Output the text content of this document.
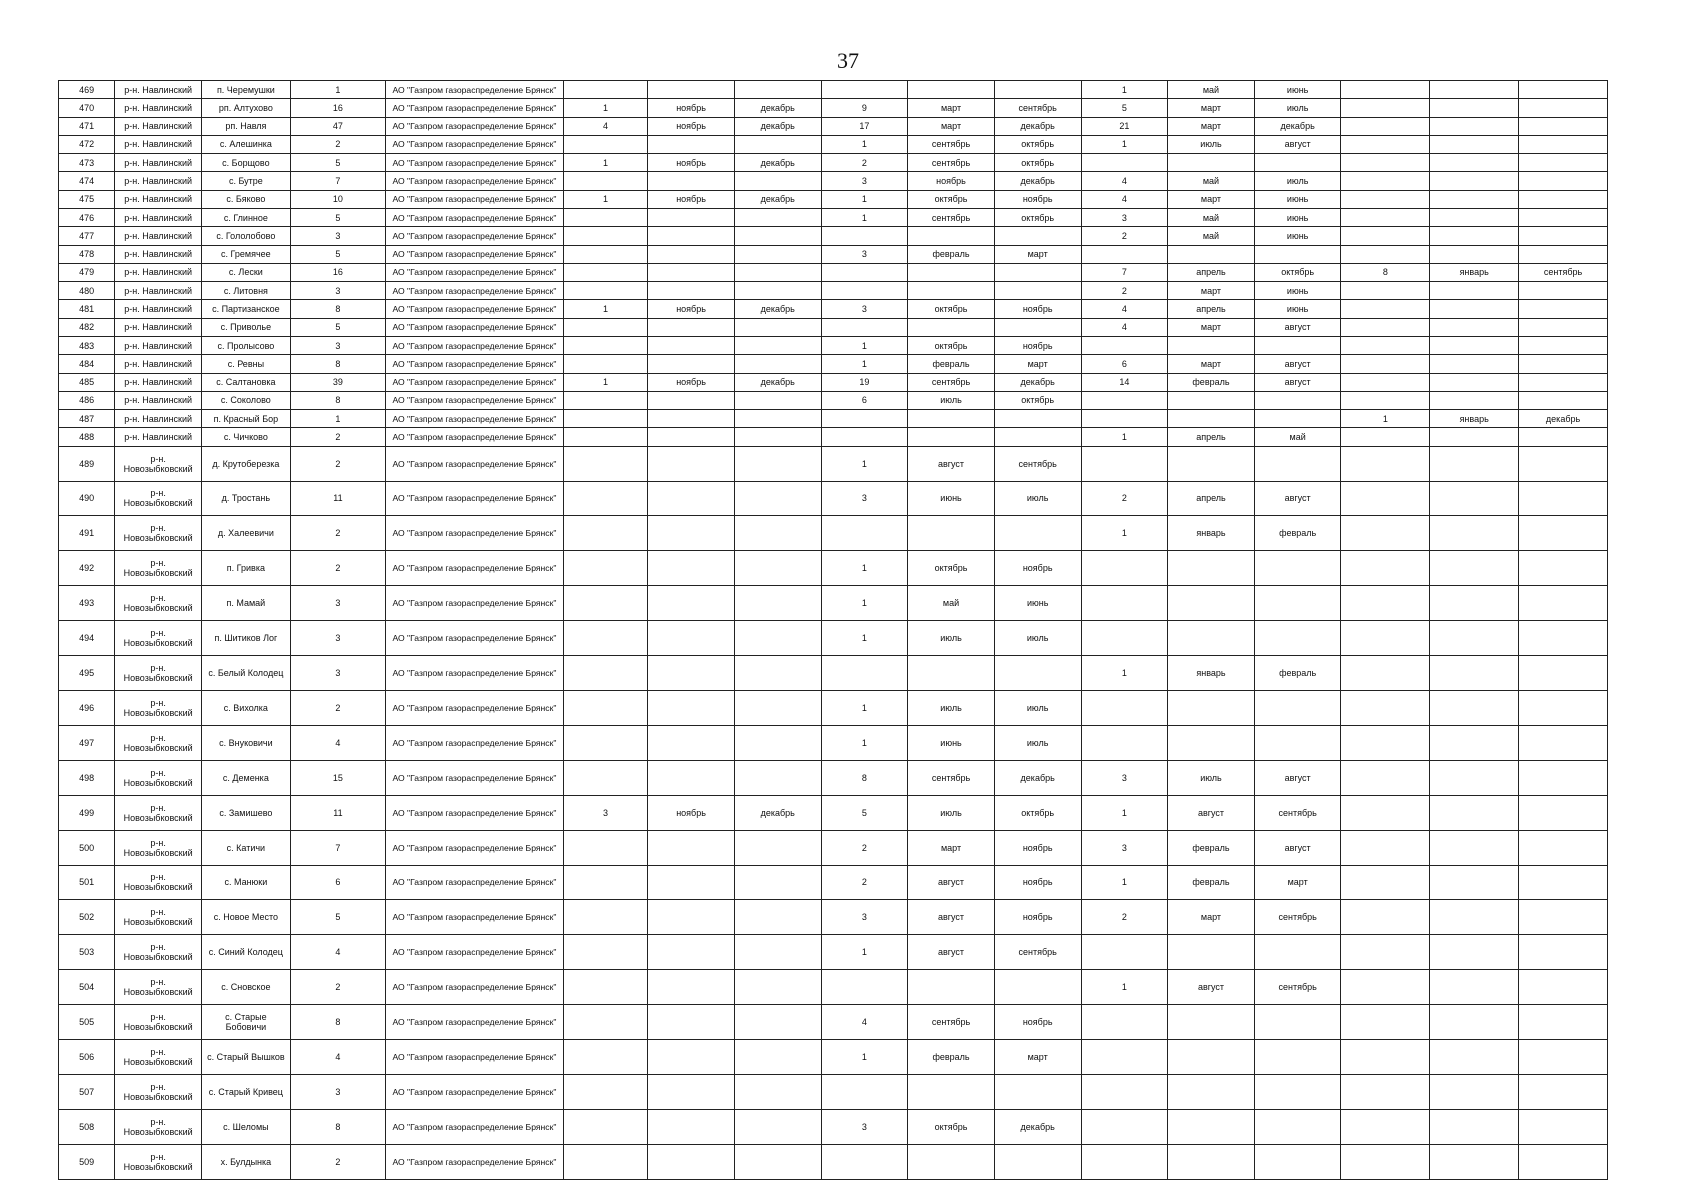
37
469	р-н. Навлинский	п. Черемушки	1	АО "Газпром газораспределение Брянск"							1	май	июнь			
470	р-н. Навлинский	рп. Алтухово	16	АО "Газпром газораспределение Брянск"	1	ноябрь	декабрь	9	март	сентябрь	5	март	июль			
471	р-н. Навлинский	рп. Навля	47	АО "Газпром газораспределение Брянск"	4	ноябрь	декабрь	17	март	декабрь	21	март	декабрь			
472	р-н. Навлинский	с. Алешинка	2	АО "Газпром газораспределение Брянск"				1	сентябрь	октябрь	1	июль	август			
473	р-н. Навлинский	с. Борщово	5	АО "Газпром газораспределение Брянск"	1	ноябрь	декабрь	2	сентябрь	октябрь						
474	р-н. Навлинский	с. Бутре	7	АО "Газпром газораспределение Брянск"				3	ноябрь	декабрь	4	май	июль			
475	р-н. Навлинский	с. Бяково	10	АО "Газпром газораспределение Брянск"	1	ноябрь	декабрь	1	октябрь	ноябрь	4	март	июнь			
476	р-н. Навлинский	с. Глинное	5	АО "Газпром газораспределение Брянск"				1	сентябрь	октябрь	3	май	июнь			
477	р-н. Навлинский	с. Гололобово	3	АО "Газпром газораспределение Брянск"							2	май	июнь			
478	р-н. Навлинский	с. Гремячее	5	АО "Газпром газораспределение Брянск"				3	февраль	март						
479	р-н. Навлинский	с. Лески	16	АО "Газпром газораспределение Брянск"							7	апрель	октябрь	8	январь	сентябрь
480	р-н. Навлинский	с. Литовня	3	АО "Газпром газораспределение Брянск"							2	март	июнь			
481	р-н. Навлинский	с. Партизанское	8	АО "Газпром газораспределение Брянск"	1	ноябрь	декабрь	3	октябрь	ноябрь	4	апрель	июнь			
482	р-н. Навлинский	с. Приволье	5	АО "Газпром газораспределение Брянск"							4	март	август			
483	р-н. Навлинский	с. Пролысово	3	АО "Газпром газораспределение Брянск"				1	октябрь	ноябрь						
484	р-н. Навлинский	с. Ревны	8	АО "Газпром газораспределение Брянск"				1	февраль	март	6	март	август			
485	р-н. Навлинский	с. Салтановка	39	АО "Газпром газораспределение Брянск"	1	ноябрь	декабрь	19	сентябрь	декабрь	14	февраль	август			
486	р-н. Навлинский	с. Соколово	8	АО "Газпром газораспределение Брянск"				6	июль	октябрь						
487	р-н. Навлинский	п. Красный Бор	1	АО "Газпром газораспределение Брянск"										1	январь	декабрь
488	р-н. Навлинский	с. Чичково	2	АО "Газпром газораспределение Брянск"							1	апрель	май			
489	р-н. Новозыбковский	д. Крутоберезка	2	АО "Газпром газораспределение Брянск"				1	август	сентябрь						
490	р-н. Новозыбковский	д. Тростань	11	АО "Газпром газораспределение Брянск"				3	июнь	июль	2	апрель	август			
491	р-н. Новозыбковский	д. Халеевичи	2	АО "Газпром газораспределение Брянск"							1	январь	февраль			
492	р-н. Новозыбковский	п. Гривка	2	АО "Газпром газораспределение Брянск"				1	октябрь	ноябрь						
493	р-н. Новозыбковский	п. Мамай	3	АО "Газпром газораспределение Брянск"				1	май	июнь						
494	р-н. Новозыбковский	п. Шитиков Лог	3	АО "Газпром газораспределение Брянск"				1	июль	июль						
495	р-н. Новозыбковский	с. Белый Колодец	3	АО "Газпром газораспределение Брянск"							1	январь	февраль			
496	р-н. Новозыбковский	с. Вихолка	2	АО "Газпром газораспределение Брянск"				1	июль	июль						
497	р-н. Новозыбковский	с. Внуковичи	4	АО "Газпром газораспределение Брянск"				1	июнь	июль						
498	р-н. Новозыбковский	с. Деменка	15	АО "Газпром газораспределение Брянск"				8	сентябрь	декабрь	3	июль	август			
499	р-н. Новозыбковский	с. Замишево	11	АО "Газпром газораспределение Брянск"	3	ноябрь	декабрь	5	июль	октябрь	1	август	сентябрь			
500	р-н. Новозыбковский	с. Катичи	7	АО "Газпром газораспределение Брянск"				2	март	ноябрь	3	февраль	август			
501	р-н. Новозыбковский	с. Манюки	6	АО "Газпром газораспределение Брянск"				2	август	ноябрь	1	февраль	март			
502	р-н. Новозыбковский	с. Новое Место	5	АО "Газпром газораспределение Брянск"				3	август	ноябрь	2	март	сентябрь			
503	р-н. Новозыбковский	с. Синий Колодец	4	АО "Газпром газораспределение Брянск"				1	август	сентябрь						
504	р-н. Новозыбковский	с. Сновское	2	АО "Газпром газораспределение Брянск"							1	август	сентябрь			
505	р-н. Новозыбковский	с. Старые Бобовичи	8	АО "Газпром газораспределение Брянск"				4	сентябрь	ноябрь						
506	р-н. Новозыбковский	с. Старый Вышков	4	АО "Газпром газораспределение Брянск"				1	февраль	март						
507	р-н. Новозыбковский	с. Старый Кривец	3	АО "Газпром газораспределение Брянск"												
508	р-н. Новозыбковский	с. Шеломы	8	АО "Газпром газораспределение Брянск"				3	октябрь	декабрь						
509	р-н. Новозыбковский	х. Булдынка	2	АО "Газпром газораспределение Брянск"												
